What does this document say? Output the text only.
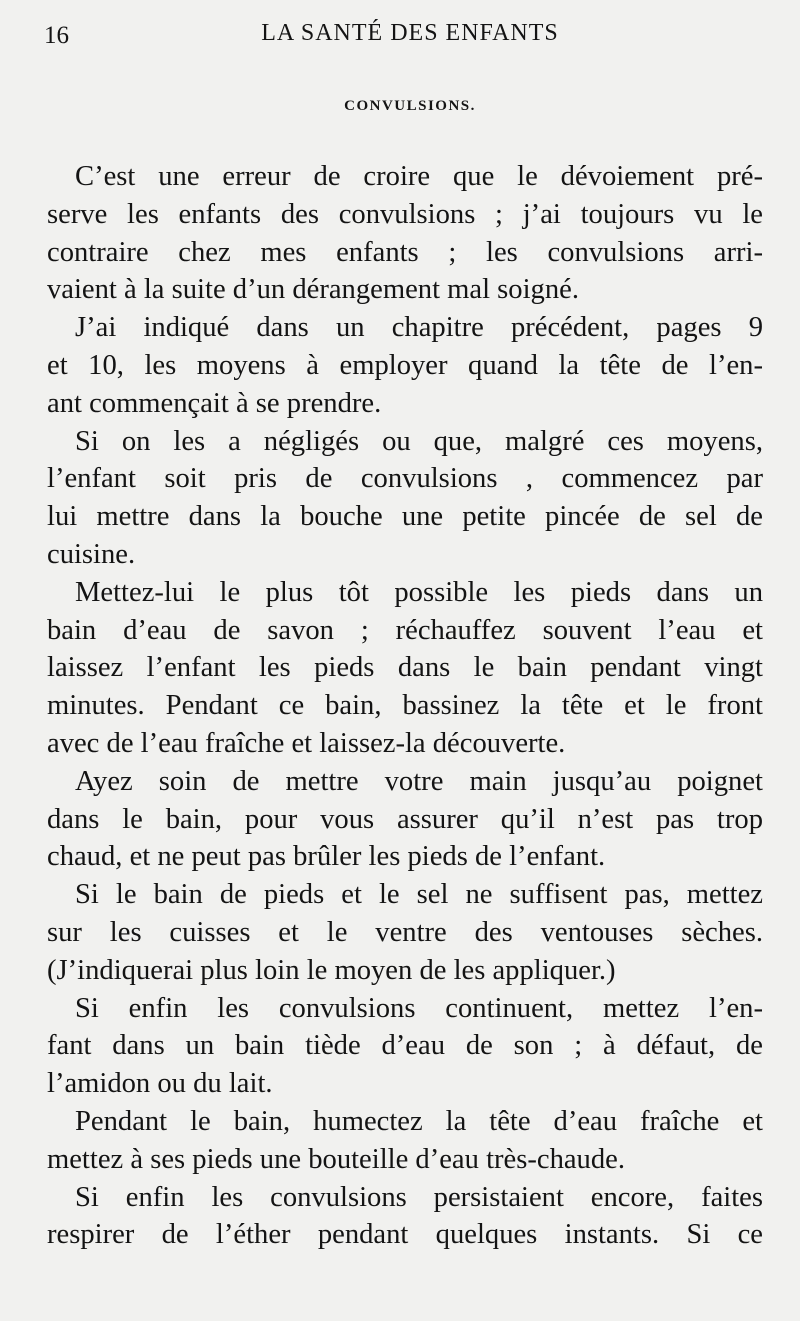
16	LA SANTÉ DES ENFANTS
CONVULSIONS.
C’est une erreur de croire que le dévoiement pré-
serve les enfants des convulsions ; j’ai toujours vu le
contraire chez mes enfants ; les convulsions arri-
vaient à la suite d’un dérangement mal soigné.
J’ai indiqué dans un chapitre précédent, pages 9
et 10, les moyens à employer quand la tête de l’en-
ant commençait à se prendre.
Si on les a négligés ou que, malgré ces moyens,
l’enfant soit pris de convulsions , commencez par
lui mettre dans la bouche une petite pincée de sel de
cuisine.
Mettez-lui le plus tôt possible les pieds dans un
bain d’eau de savon ; réchauffez souvent l’eau et
laissez l’enfant les pieds dans le bain pendant vingt
minutes. Pendant ce bain, bassinez la tête et le front
avec de l’eau fraîche et laissez-la découverte.
Ayez soin de mettre votre main jusqu’au poignet
dans le bain, pour vous assurer qu’il n’est pas trop
chaud, et ne peut pas brûler les pieds de l’enfant.
Si le bain de pieds et le sel ne suffisent pas, mettez
sur les cuisses et le ventre des ventouses sèches.
(J’indiquerai plus loin le moyen de les appliquer.)
Si enfin les convulsions continuent, mettez l’en-
fant dans un bain tiède d’eau de son ; à défaut, de
l’amidon ou du lait.
Pendant le bain, humectez la tête d’eau fraîche et
mettez à ses pieds une bouteille d’eau très-chaude.
Si enfin les convulsions persistaient encore, faites
respirer de l’éther pendant quelques instants. Si ce
